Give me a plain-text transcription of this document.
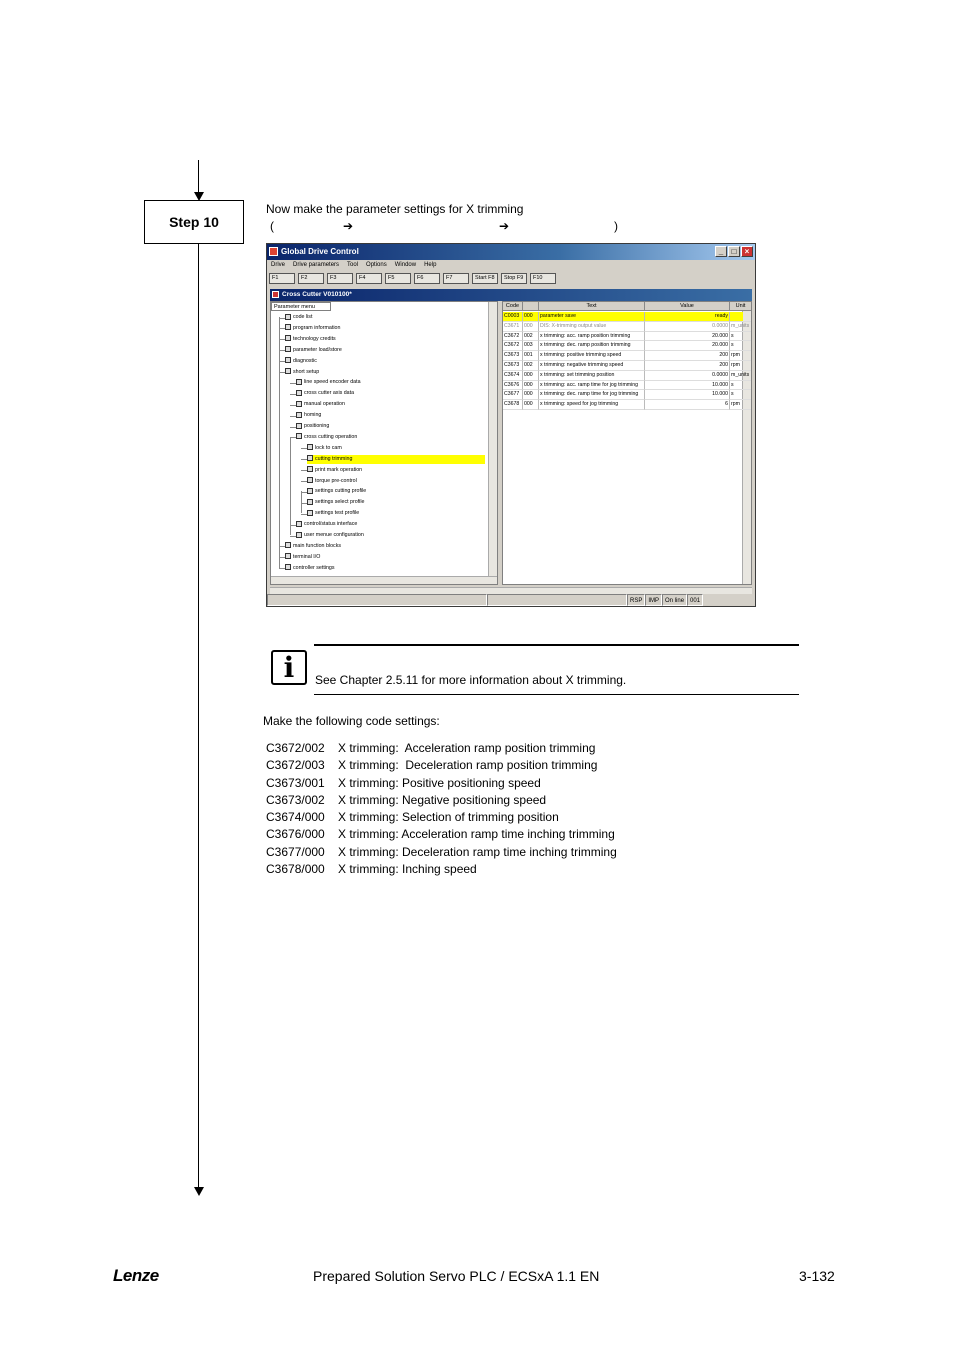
Step 10
Now make the parameter settings for X trimming
(	➔	➔	)
Global Drive Control	_	□	×
Drive Drive parameters Tool Options Window Help
F1	F2	F3	F4	F5	F6	F7	Start F8	Stop F9	F10
Cross Cutter V010100*
Parameter menu
code list
program information
technology credits
parameter load/store
diagnostic
short setup
line speed encoder data
cross cutter axis data
manual operation
homing
positioning
cross cutting operation
lock to cam
cutting trimming
print mark operation
torque pre-control
settings cutting profile
settings select profile
settings test profile
control/status interface
user menue configuration
main function blocks
terminal I/O
controller settings
Code	Text	Value	Unit
C0003 000	parameter save	ready
C3671 000	DIS: X-trimming output value	0.0000 m_units
C3672 002	x trimming: acc. ramp position trimming	20.000 s
C3672 003	x trimming: dec. ramp position trimming	20.000 s
C3673 001	x trimming: positive trimming speed	200 rpm
C3673 002	x trimming: negative trimming speed	200 rpm
C3674 000	x trimming: set trimming position	0.0000 m_units
C3676 000	x trimming: acc. ramp time for jog trimming	10.000 s
C3677 000	x trimming: dec. ramp time for jog trimming	10.000 s
C3678 000	x trimming: speed for jog trimming	6 rpm
RSP	IMP	On line	001
i	See Chapter 2.5.11 for more information about X trimming.
Make the following code settings:
C3672/002 X trimming:  Acceleration ramp position trimming
C3672/003 X trimming:  Deceleration ramp position trimming
C3673/001 X trimming: Positive positioning speed
C3673/002 X trimming: Negative positioning speed
C3674/000 X trimming: Selection of trimming position
C3676/000 X trimming: Acceleration ramp time inching trimming
C3677/000 X trimming: Deceleration ramp time inching trimming
C3678/000 X trimming: Inching speed
Lenze	Prepared Solution Servo PLC / ECSxA 1.1 EN	3-132
